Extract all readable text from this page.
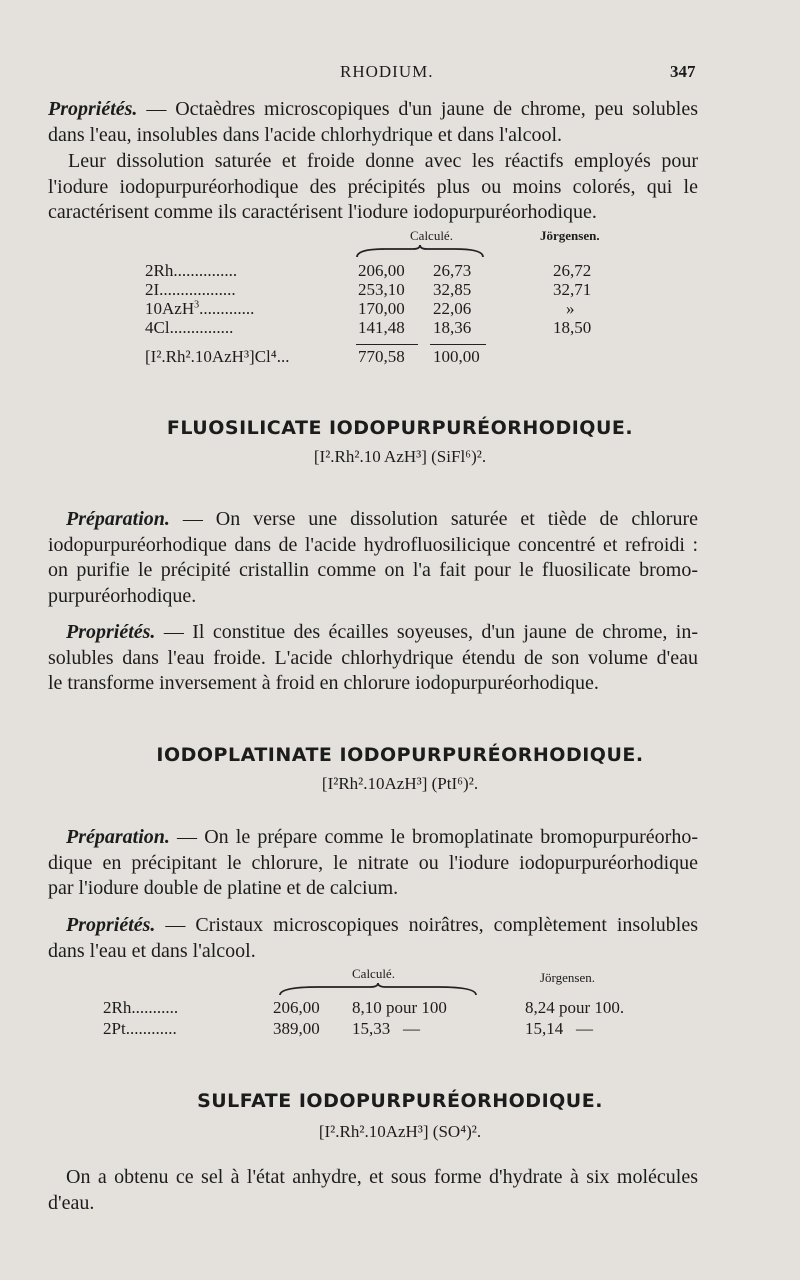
RHODIUM.	347
Propriétés. — Octaèdres microscopiques d'un jaune de chrome, peu solubles
dans l'eau, insolubles dans l'acide chlorhydrique et dans l'alcool.
Leur dissolution saturée et froide donne avec les réactifs employés pour
l'iodure iodopurpuréorhodique des précipités plus ou moins colorés, qui le
caractérisent comme ils caractérisent l'iodure iodopurpuréorhodique.
Calculé.	Jörgensen.
2Rh...............	206,00 26,73	26,72
2I..................	253,10 32,85	32,71
10AzH$^3$.............	170,00 22,06	»
4Cl...............	141,48 18,36	18,50
[I².Rh².10AzH³]Cl⁴...	770,58 100,00
FLUOSILICATE IODOPURPURÉORHODIQUE.
[I².Rh².10 AzH³] (SiFl⁶)².
Préparation. — On verse une dissolution saturée et tiède de chlorure
iodopurpuréorhodique dans de l'acide hydrofluosilicique concentré et refroidi :
on purifie le précipité cristallin comme on l'a fait pour le fluosilicate bromo-
purpuréorhodique.
Propriétés. — Il constitue des écailles soyeuses, d'un jaune de chrome, in-
solubles dans l'eau froide. L'acide chlorhydrique étendu de son volume d'eau
le transforme inversement à froid en chlorure iodopurpuréorhodique.
IODOPLATINATE IODOPURPURÉORHODIQUE.
[I²Rh².10AzH³] (PtI⁶)².
Préparation. — On le prépare comme le bromoplatinate bromopurpuréorho-
dique en précipitant le chlorure, le nitrate ou l'iodure iodopurpuréorhodique
par l'iodure double de platine et de calcium.
Propriétés. — Cristaux microscopiques noirâtres, complètement insolubles
dans l'eau et dans l'alcool.
Calculé.	Jörgensen.
2Rh...........	206,00 8,10 pour 100	8,24 pour 100.
2Pt............	389,00 15,33   —	15,14   —
SULFATE IODOPURPURÉORHODIQUE.
[I².Rh².10AzH³] (SO⁴)².
On a obtenu ce sel à l'état anhydre, et sous forme d'hydrate à six molécules
d'eau.
